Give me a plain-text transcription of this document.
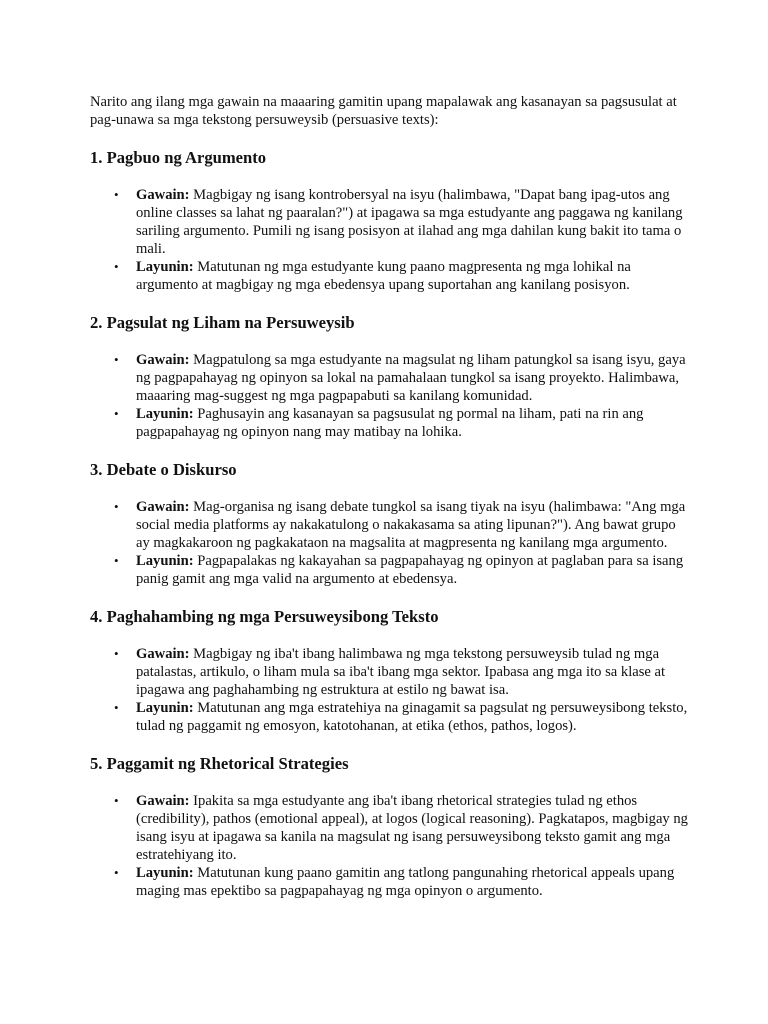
Narito ang ilang mga gawain na maaaring gamitin upang mapalawak ang kasanayan sa pagsusulat at pag-unawa sa mga tekstong persuweysib (persuasive texts):

1. Pagbuo ng Argumento
• Gawain: Magbigay ng isang kontrobersyal na isyu (halimbawa, "Dapat bang ipag-utos ang online classes sa lahat ng paaralan?") at ipagawa sa mga estudyante ang paggawa ng kanilang sariling argumento. Pumili ng isang posisyon at ilahad ang mga dahilan kung bakit ito tama o mali.
• Layunin: Matutunan ng mga estudyante kung paano magpresenta ng mga lohikal na argumento at magbigay ng mga ebedensya upang suportahan ang kanilang posisyon.
2. Pagsulat ng Liham na Persuweysib
• Gawain: Magpatulong sa mga estudyante na magsulat ng liham patungkol sa isang isyu, gaya ng pagpapahayag ng opinyon sa lokal na pamahalaan tungkol sa isang proyekto. Halimbawa, maaaring mag-suggest ng mga pagpapabuti sa kanilang komunidad.
• Layunin: Paghusayin ang kasanayan sa pagsusulat ng pormal na liham, pati na rin ang pagpapahayag ng opinyon nang may matibay na lohika.
3. Debate o Diskurso
• Gawain: Mag-organisa ng isang debate tungkol sa isang tiyak na isyu (halimbawa: "Ang mga social media platforms ay nakakatulong o nakakasama sa ating lipunan?"). Ang bawat grupo ay magkakaroon ng pagkakataon na magsalita at magpresenta ng kanilang mga argumento.
• Layunin: Pagpapalakas ng kakayahan sa pagpapahayag ng opinyon at paglaban para sa isang panig gamit ang mga valid na argumento at ebedensya.
4. Paghahambing ng mga Persuweysibong Teksto
• Gawain: Magbigay ng iba't ibang halimbawa ng mga tekstong persuweysib tulad ng mga patalastas, artikulo, o liham mula sa iba't ibang mga sektor. Ipabasa ang mga ito sa klase at ipagawa ang paghahambing ng estruktura at estilo ng bawat isa.
• Layunin: Matutunan ang mga estratehiya na ginagamit sa pagsulat ng persuweysibong teksto, tulad ng paggamit ng emosyon, katotohanan, at etika (ethos, pathos, logos).
5. Paggamit ng Rhetorical Strategies
• Gawain: Ipakita sa mga estudyante ang iba't ibang rhetorical strategies tulad ng ethos (credibility), pathos (emotional appeal), at logos (logical reasoning). Pagkatapos, magbigay ng isang isyu at ipagawa sa kanila na magsulat ng isang persuweysibong teksto gamit ang mga estratehiyang ito.
• Layunin: Matutunan kung paano gamitin ang tatlong pangunahing rhetorical appeals upang maging mas epektibo sa pagpapahayag ng mga opinyon o argumento.
